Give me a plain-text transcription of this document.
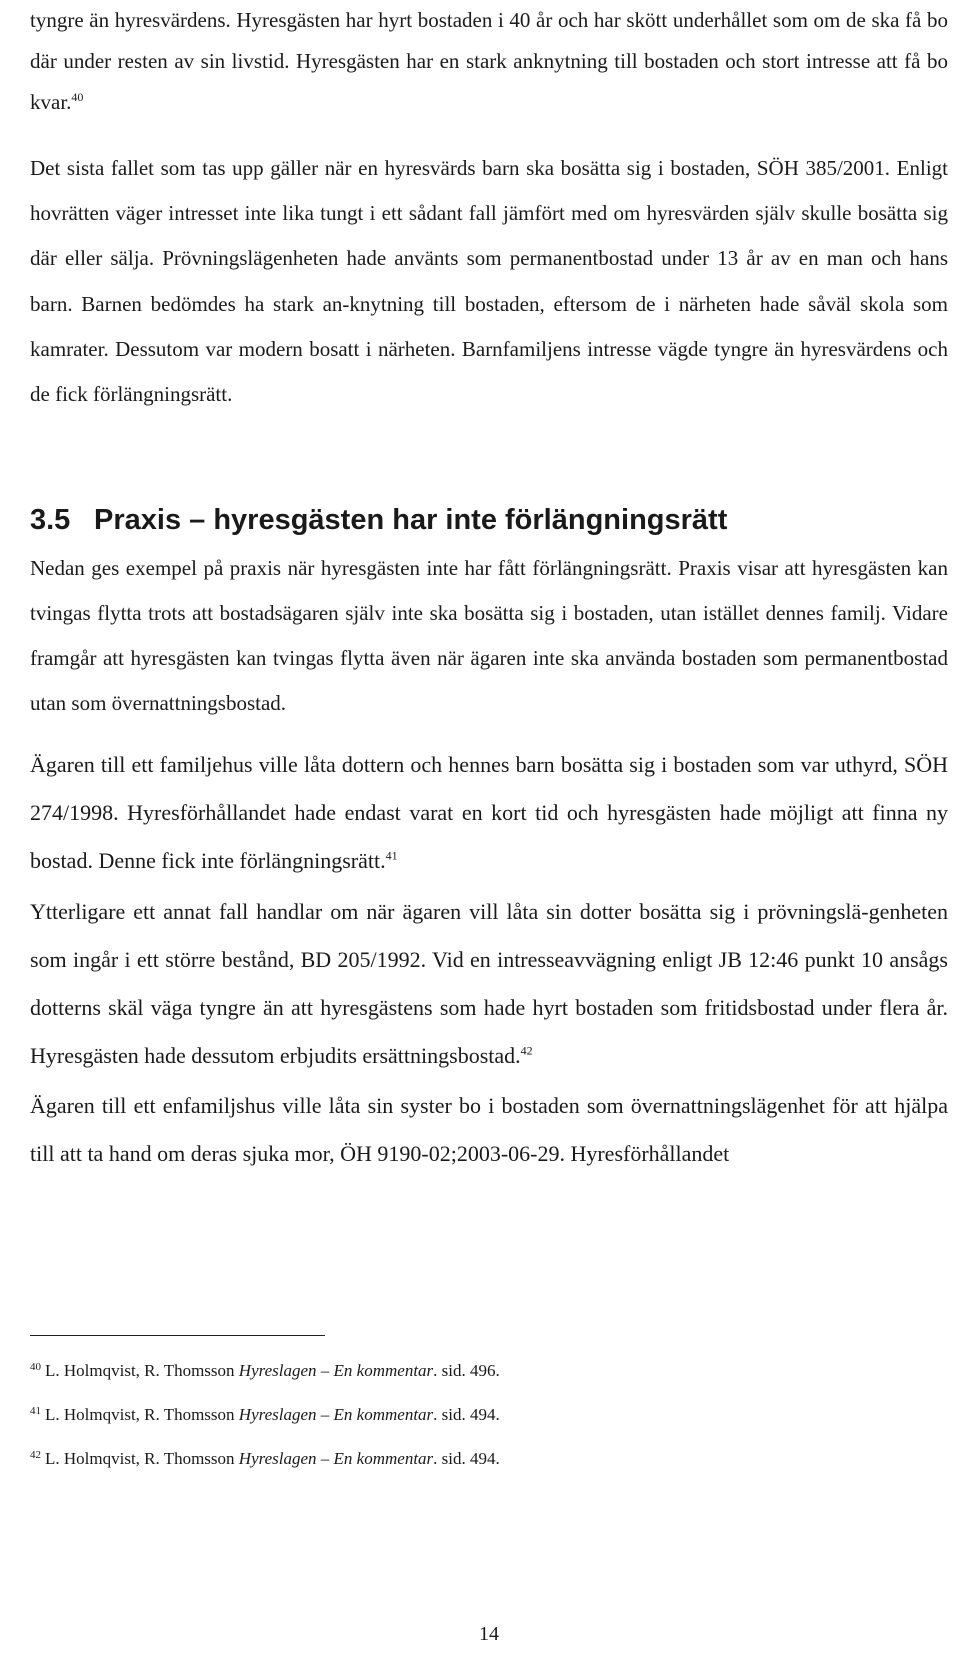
tyngre än hyresvärdens. Hyresgästen har hyrt bostaden i 40 år och har skött underhållet som om de ska få bo där under resten av sin livstid. Hyresgästen har en stark anknytning till bostaden och stort intresse att få bo kvar.$^{40}$

Det sista fallet som tas upp gäller när en hyresvärds barn ska bosätta sig i bostaden, SÖH 385/2001. Enligt hovrätten väger intresset inte lika tungt i ett sådant fall jämfört med om hyresvärden själv skulle bosätta sig där eller sälja. Prövningslägenheten hade använts som permanentbostad under 13 år av en man och hans barn. Barnen bedömdes ha stark an-knytning till bostaden, eftersom de i närheten hade såväl skola som kamrater. Dessutom var modern bosatt i närheten. Barnfamiljens intresse vägde tyngre än hyresvärdens och de fick förlängningsrätt.

3.5 Praxis – hyresgästen har inte förlängningsrätt

Nedan ges exempel på praxis när hyresgästen inte har fått förlängningsrätt. Praxis visar att hyresgästen kan tvingas flytta trots att bostadsägaren själv inte ska bosätta sig i bostaden, utan istället dennes familj. Vidare framgår att hyresgästen kan tvingas flytta även när ägaren inte ska använda bostaden som permanentbostad utan som övernattningsbostad.

Ägaren till ett familjehus ville låta dottern och hennes barn bosätta sig i bostaden som var uthyrd, SÖH 274/1998. Hyresförhållandet hade endast varat en kort tid och hyresgästen hade möjligt att finna ny bostad. Denne fick inte förlängningsrätt.$^{41}$

Ytterligare ett annat fall handlar om när ägaren vill låta sin dotter bosätta sig i prövningslä-genheten som ingår i ett större bestånd, BD 205/1992. Vid en intresseavvägning enligt JB 12:46 punkt 10 ansågs dotterns skäl väga tyngre än att hyresgästens som hade hyrt bostaden som fritidsbostad under flera år. Hyresgästen hade dessutom erbjudits ersättningsbostad.$^{42}$

Ägaren till ett enfamiljshus ville låta sin syster bo i bostaden som övernattningslägenhet för att hjälpa till att ta hand om deras sjuka mor, ÖH 9190-02;2003-06-29. Hyresförhållandet

$^{40}$ L. Holmqvist, R. Thomsson Hyreslagen – En kommentar. sid. 496.
$^{41}$ L. Holmqvist, R. Thomsson Hyreslagen – En kommentar. sid. 494.
$^{42}$ L. Holmqvist, R. Thomsson Hyreslagen – En kommentar. sid. 494.
14
